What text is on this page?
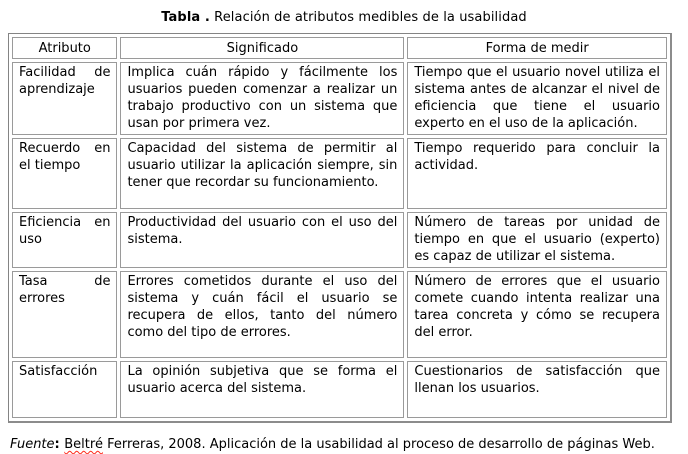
Tabla . Relación de atributos medibles de la usabilidad
Atributo	Significado	Forma de medir
Facilidad de aprendizaje	Implica cuán rápido y fácilmente los usuarios pueden comenzar a realizar un trabajo productivo con un sistema que usan por primera vez.	Tiempo que el usuario novel utiliza el sistema antes de alcanzar el nivel de eficiencia que tiene el usuario experto en el uso de la aplicación.
Recuerdo en el tiempo	Capacidad del sistema de permitir al usuario utilizar la aplicación siempre, sin tener que recordar su funcionamiento.	Tiempo requerido para concluir la actividad.
Eficiencia en uso	Productividad del usuario con el uso del sistema.	Número de tareas por unidad de tiempo en que el usuario (experto) es capaz de utilizar el sistema.
Tasa de errores	Errores cometidos durante el uso del sistema y cuán fácil el usuario se recupera de ellos, tanto del número como del tipo de errores.	Número de errores que el usuario comete cuando intenta realizar una tarea concreta y cómo se recupera del error.
Satisfacción	La opinión subjetiva que se forma el usuario acerca del sistema.	Cuestionarios de satisfacción que llenan los usuarios.
Fuente: Beltré Ferreras, 2008. Aplicación de la usabilidad al proceso de desarrollo de páginas Web.
